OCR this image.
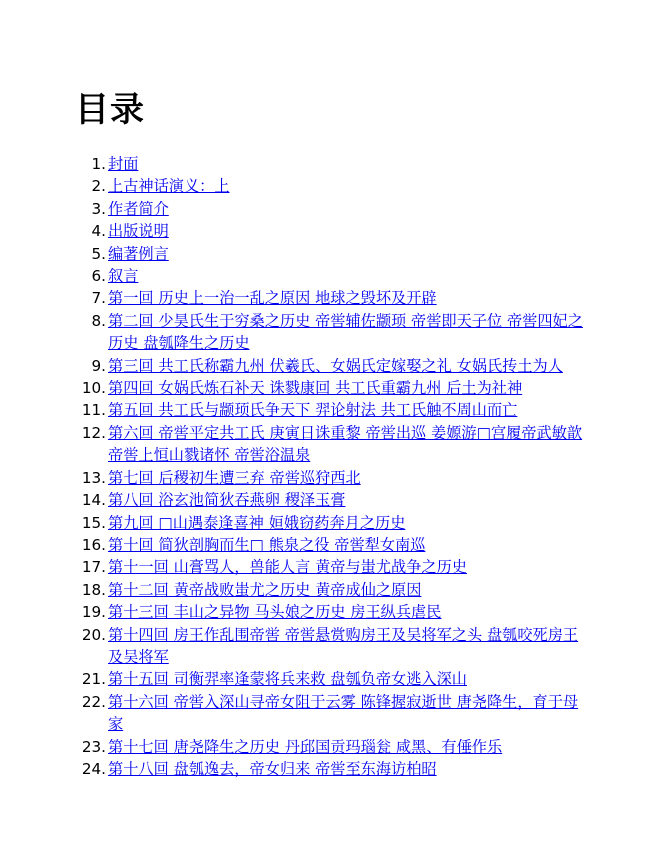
目录
1. 封面
2. 上古神话演义：上
3. 作者简介
4. 出版说明
5. 编著例言
6. 叙言
7. 第一回 历史上一治一乱之原因 地球之毁坏及开辟
8. 第二回 少昊氏生于穷桑之历史 帝喾辅佐颛顼 帝喾即天子位 帝喾四妃之历史 盘瓠降生之历史
9. 第三回 共工氏称霸九州 伏羲氏、女娲氏定嫁娶之礼 女娲氏抟土为人
10. 第四回 女娲氏炼石补天 诛戮康回 共工氏重霸九州 后土为社神
11. 第五回 共工氏与颛顼氏争天下 羿论射法 共工氏触不周山而亡
12. 第六回 帝喾平定共工氏 庚寅日诛重黎 帝喾出巡 姜嫄游□宫履帝武敏歆 帝喾上恒山戮诸怀 帝喾浴温泉
13. 第七回 后稷初生遭三弃 帝喾巡狩西北
14. 第八回 浴玄池简狄吞燕卵 稷泽玉膏
15. 第九回 □山遇泰逢喜神 姮娥窃药奔月之历史
16. 第十回 简狄剖胸而生□ 熊泉之役 帝喾犁女南巡
17. 第十一回 山膏骂人，兽能人言 黄帝与蚩尤战争之历史
18. 第十二回 黄帝战败蚩尤之历史 黄帝成仙之原因
19. 第十三回 丰山之异物 马头娘之历史 房王纵兵虐民
20. 第十四回 房王作乱围帝喾 帝喾悬赏购房王及吴将军之头 盘瓠咬死房王及吴将军
21. 第十五回 司衡羿率逢蒙将兵来救 盘瓠负帝女逃入深山
22. 第十六回 帝喾入深山寻帝女阻于云雾 陈锋握寂逝世 唐尧降生，育于母家
23. 第十七回 唐尧降生之历史 丹邱国贡玛瑙瓮 咸黑、有倕作乐
24. 第十八回 盘瓠逸去，帝女归来 帝喾至东海访柏昭
